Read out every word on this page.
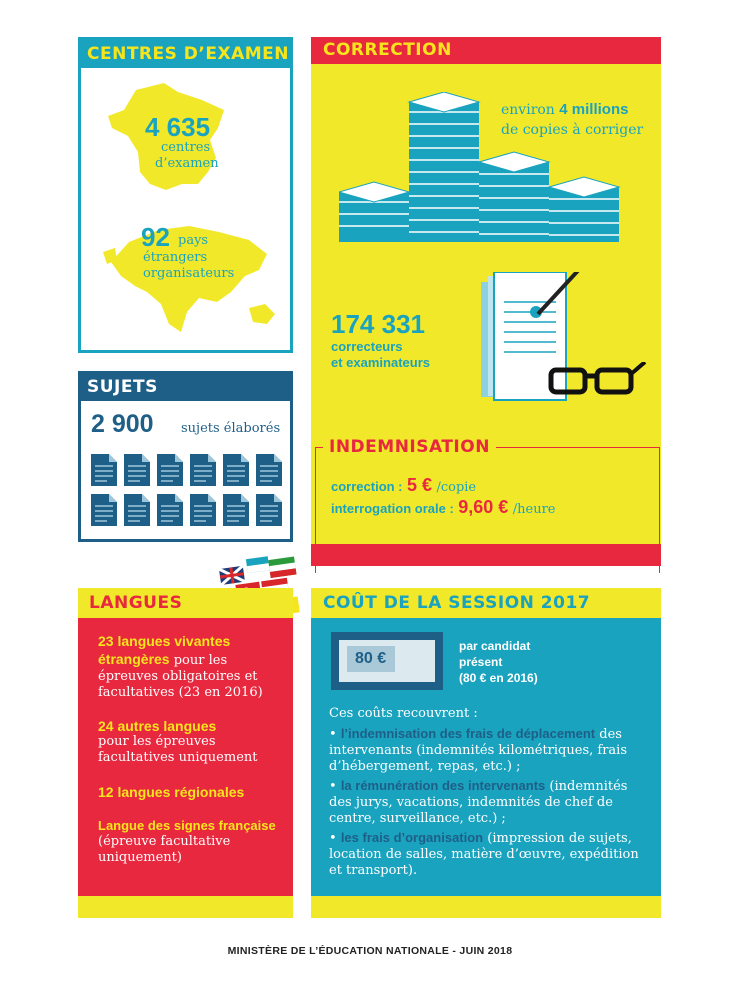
CENTRES D’EXAMEN
4 635
centres
d’examen
92 pays
étrangers
organisateurs
SUJETS
2 900 sujets élaborés
CORRECTION
environ 4 millions
de copies à corriger
174 331
correcteurs
et examinateurs
INDEMNISATION
correction : 5 € /copie
interrogation orale : 9,60 € /heure
LANGUES
23 langues vivantes étrangères pour les épreuves obligatoires et facultatives (23 en 2016)
24 autres langues
pour les épreuves facultatives uniquement
12 langues régionales
Langue des signes française
(épreuve facultative uniquement)
COÛT DE LA SESSION 2017
80 €
par candidat
présent
(80 € en 2016)
Ces coûts recouvrent :
• l’indemnisation des frais de déplacement des intervenants (indemnités kilométriques, frais d’hébergement, repas, etc.) ;
• la rémunération des intervenants (indemnités des jurys, vacations, indemnités de chef de centre, surveillance, etc.) ;
• les frais d’organisation (impression de sujets, location de salles, matière d’œuvre, expédition et transport).
MINISTÈRE DE L’ÉDUCATION NATIONALE - JUIN 2018
